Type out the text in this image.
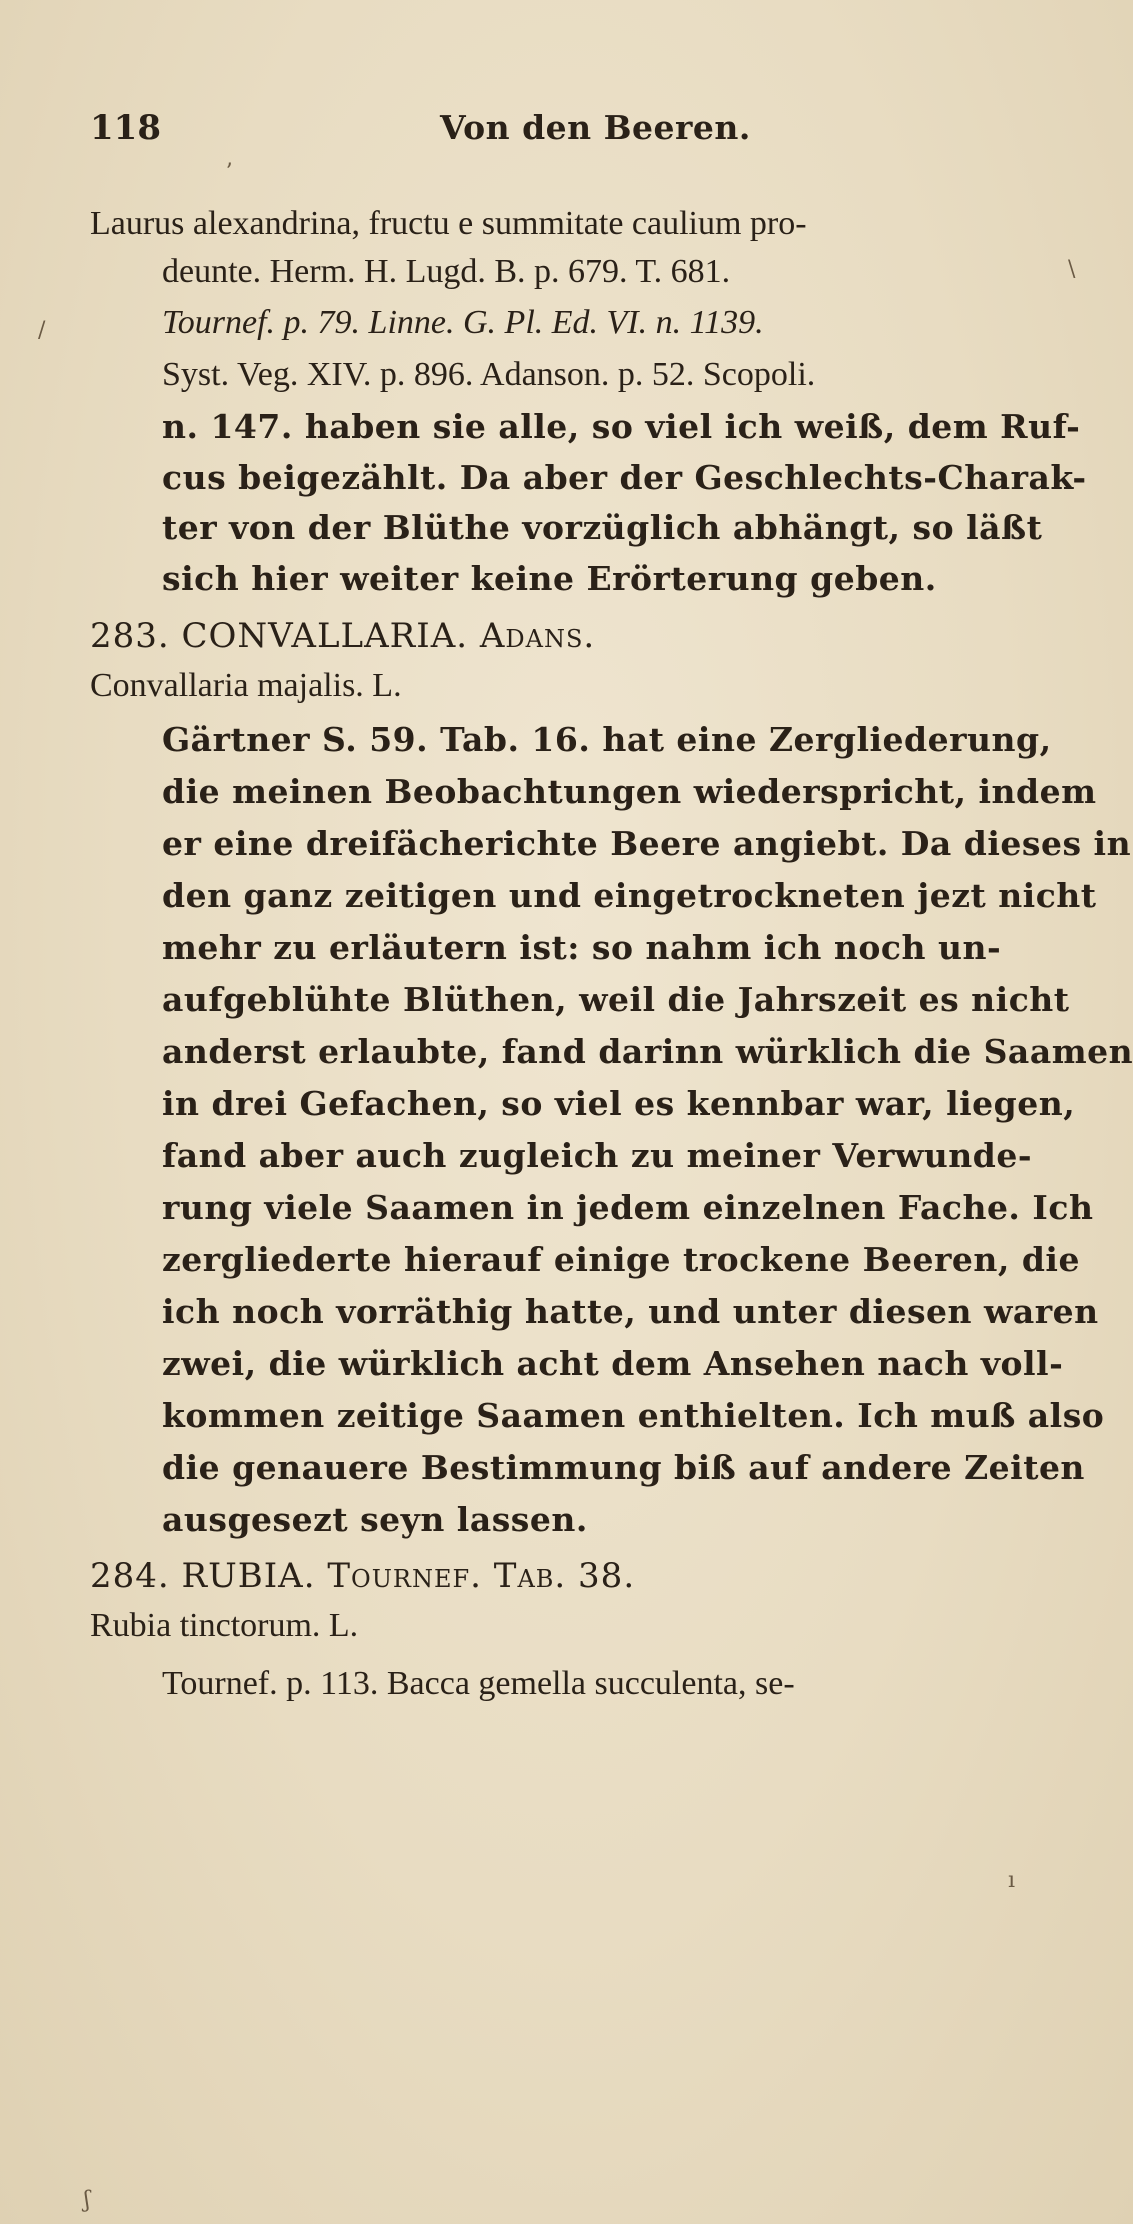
118	Von den Beeren.
Laurus alexandrina, fructu e summitate caulium pro-
deunte. Herm. H. Lugd. B. p. 679. T. 681.
Tournef. p. 79. Linne. G. Pl. Ed. VI. n. 1139.
Syst. Veg. XIV. p. 896. Adanson. p. 52. Scopoli.
n. 147. haben sie alle, so viel ich weiß, dem Ruf-
cus beigezählt. Da aber der Geschlechts-Charak-
ter von der Blüthe vorzüglich abhängt, so läßt
sich hier weiter keine Erörterung geben.
283. CONVALLARIA. Adans.
Convallaria majalis. L.
Gärtner S. 59. Tab. 16. hat eine Zergliederung,
die meinen Beobachtungen wiederspricht, indem
er eine dreifächerichte Beere angiebt. Da dieses in
den ganz zeitigen und eingetrockneten jezt nicht
mehr zu erläutern ist: so nahm ich noch un-
aufgeblühte Blüthen, weil die Jahrszeit es nicht
anderst erlaubte, fand darinn würklich die Saamen
in drei Gefachen, so viel es kennbar war, liegen,
fand aber auch zugleich zu meiner Verwunde-
rung viele Saamen in jedem einzelnen Fache. Ich
zergliederte hierauf einige trockene Beeren, die
ich noch vorräthig hatte, und unter diesen waren
zwei, die würklich acht dem Ansehen nach voll-
kommen zeitige Saamen enthielten. Ich muß also
die genauere Bestimmung biß auf andere Zeiten
ausgesezt seyn lassen.
284. RUBIA. Tournef. Tab. 38.
Rubia tinctorum. L.
Tournef. p. 113. Bacca gemella succulenta, se-
ʼ
/
\
ı
ʃ
